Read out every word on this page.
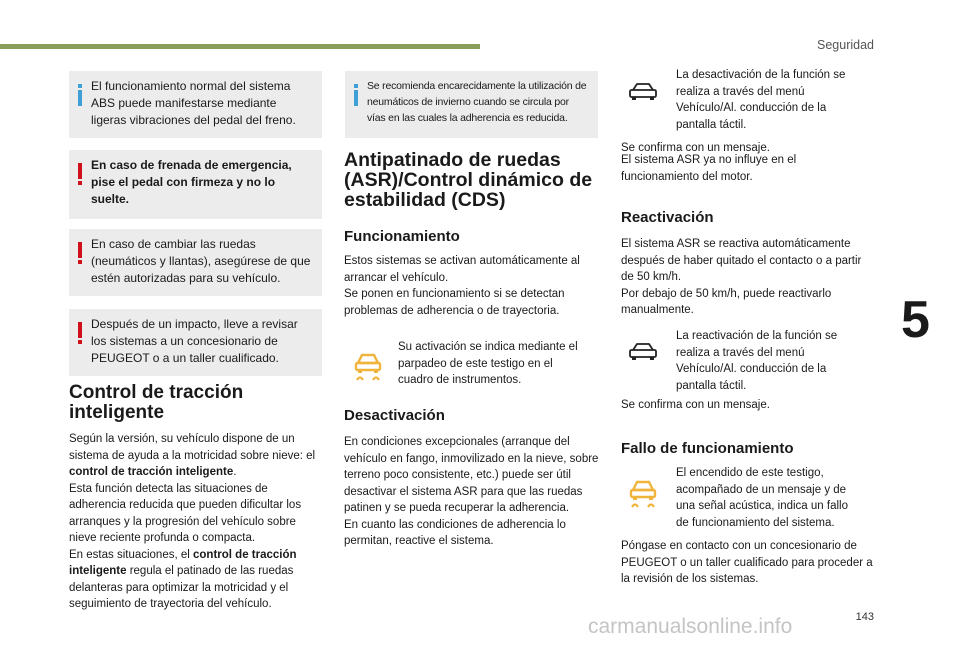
Seguridad
5
143
carmanualsonline.info

El funcionamiento normal del sistema ABS puede manifestarse mediante ligeras vibraciones del pedal del freno.

En caso de frenada de emergencia, pise el pedal con firmeza y no lo suelte.

En caso de cambiar las ruedas (neumáticos y llantas), asegúrese de que estén autorizadas para su vehículo.

Después de un impacto, lleve a revisar los sistemas a un concesionario de PEUGEOT o a un taller cualificado.

Control de tracción inteligente

Según la versión, su vehículo dispone de un sistema de ayuda a la motricidad sobre nieve: el control de tracción inteligente.

Esta función detecta las situaciones de adherencia reducida que pueden dificultar los arranques y la progresión del vehículo sobre nieve reciente profunda o compacta.

En estas situaciones, el control de tracción inteligente regula el patinado de las ruedas delanteras para optimizar la motricidad y el seguimiento de trayectoria del vehículo.

Se recomienda encarecidamente la utilización de neumáticos de invierno cuando se circula por vías en las cuales la adherencia es reducida.

Antipatinado de ruedas (ASR)/Control dinámico de estabilidad (CDS)
Funcionamiento

Estos sistemas se activan automáticamente al arrancar el vehículo.

Se ponen en funcionamiento si se detectan problemas de adherencia o de trayectoria.

Su activación se indica mediante el parpadeo de este testigo en el cuadro de instrumentos.

Desactivación

En condiciones excepcionales (arranque del vehículo en fango, inmovilizado en la nieve, sobre terreno poco consistente, etc.) puede ser útil desactivar el sistema ASR para que las ruedas patinen y se pueda recuperar la adherencia.

En cuanto las condiciones de adherencia lo permitan, reactive el sistema.

La desactivación de la función se realiza a través del menú Vehículo/Al. conducción de la pantalla táctil.

Se confirma con un mensaje.

El sistema ASR ya no influye en el funcionamiento del motor.

Reactivación

El sistema ASR se reactiva automáticamente después de haber quitado el contacto o a partir de 50 km/h.

Por debajo de 50 km/h, puede reactivarlo manualmente.

La reactivación de la función se realiza a través del menú Vehículo/Al. conducción de la pantalla táctil.

Se confirma con un mensaje.

Fallo de funcionamiento

El encendido de este testigo, acompañado de un mensaje y de una señal acústica, indica un fallo de funcionamiento del sistema.

Póngase en contacto con un concesionario de PEUGEOT o un taller cualificado para proceder a la revisión de los sistemas.
